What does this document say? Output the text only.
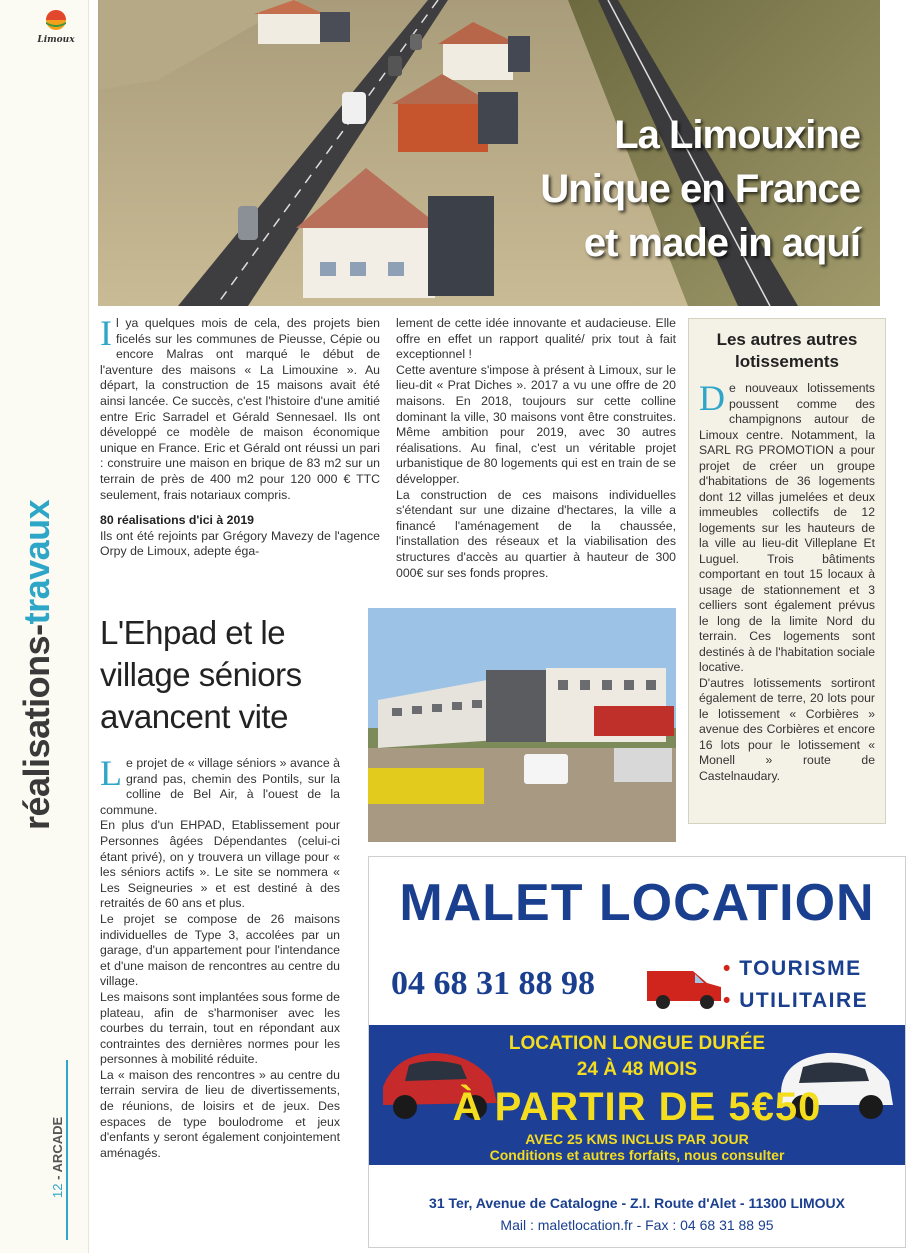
Limoux
réalisations-travaux
12 - ARCADE
La Limouxine
Unique en France
et made in aquí

Il ya quelques mois de cela, des projets bien ficelés sur les communes de Pieusse, Cépie ou encore Malras ont marqué le début de l'aventure des maisons « La Limouxine ». Au départ, la construction de 15 maisons avait été ainsi lancée. Ce succès, c'est l'histoire d'une amitié entre Eric Sarradel et Gérald Sennesael. Ils ont développé ce modèle de maison économique unique en France. Eric et Gérald ont réussi un pari : construire une maison en brique de 83 m2 sur un terrain de près de 400 m2 pour 120 000 € TTC seulement, frais notariaux compris.

80 réalisations d'ici à 2019

Ils ont été rejoints par Grégory Mavezy de l'agence Orpy de Limoux, adepte éga-

lement de cette idée innovante et audacieuse. Elle offre en effet un rapport qualité/ prix tout à fait exceptionnel !

Cette aventure s'impose à présent à Limoux, sur le lieu-dit « Prat Diches ». 2017 a vu une offre de 20 maisons. En 2018, toujours sur cette colline dominant la ville, 30 maisons vont être construites. Même ambition pour 2019, avec 30 autres réalisations. Au final, c'est un véritable projet urbanistique de 80 logements qui est en train de se développer.

La construction de ces maisons individuelles s'étendant sur une dizaine d'hectares, la ville a financé l'aménagement de la chaussée, l'installation des réseaux et la viabilisation des structures d'accès au quartier à hauteur de 300 000€ sur ses fonds propres.

Les autres autres lotissements

De nouveaux lotissements poussent comme des champignons autour de Limoux centre. Notamment, la SARL RG PROMOTION a pour projet de créer un groupe d'habitations de 36 logements dont 12 villas jumelées et deux immeubles collectifs de 12 logements sur les hauteurs de la ville au lieu-dit Villeplane Et Luguel. Trois bâtiments comportant en tout 15 locaux à usage de stationnement et 3 celliers sont également prévus le long de la limite Nord du terrain. Ces logements sont destinés à de l'habitation sociale locative.

D'autres lotissements sortiront également de terre, 20 lots pour le lotissement « Corbières » avenue des Corbières et encore 16 lots pour le lotissement « Monell » route de Castelnaudary.

L'Ehpad et le village séniors avancent vite

Le projet de « village séniors » avance à grand pas, chemin des Pontils, sur la colline de Bel Air, à l'ouest de la commune.

En plus d'un EHPAD, Etablissement pour Personnes âgées Dépendantes (celui-ci étant privé), on y trouvera un village pour « les séniors actifs ». Le site se nommera « Les Seigneuries » et est destiné à des retraités de 60 ans et plus.

Le projet se compose de 26 maisons individuelles de Type 3, accolées par un garage, d'un appartement pour l'intendance et d'une maison de rencontres au centre du village.

Les maisons sont implantées sous forme de plateau, afin de s'harmoniser avec les courbes du terrain, tout en répondant aux contraintes des dernières normes pour les personnes à mobilité réduite.

La « maison des rencontres » au centre du terrain servira de lieu de divertissements, de réunions, de loisirs et de jeux. Des espaces de type boulodrome et jeux d'enfants y seront également conjointement aménagés.

MALET LOCATION
04 68 31 88 98	• TOURISME
• UTILITAIRE
LOCATION LONGUE DURÉE
24 À 48 MOIS
À PARTIR DE 5€50
AVEC 25 KMS INCLUS PAR JOUR
Conditions et autres forfaits, nous consulter
31 Ter, Avenue de Catalogne - Z.I. Route d'Alet - 11300 LIMOUX
Mail : maletlocation.fr - Fax : 04 68 31 88 95
